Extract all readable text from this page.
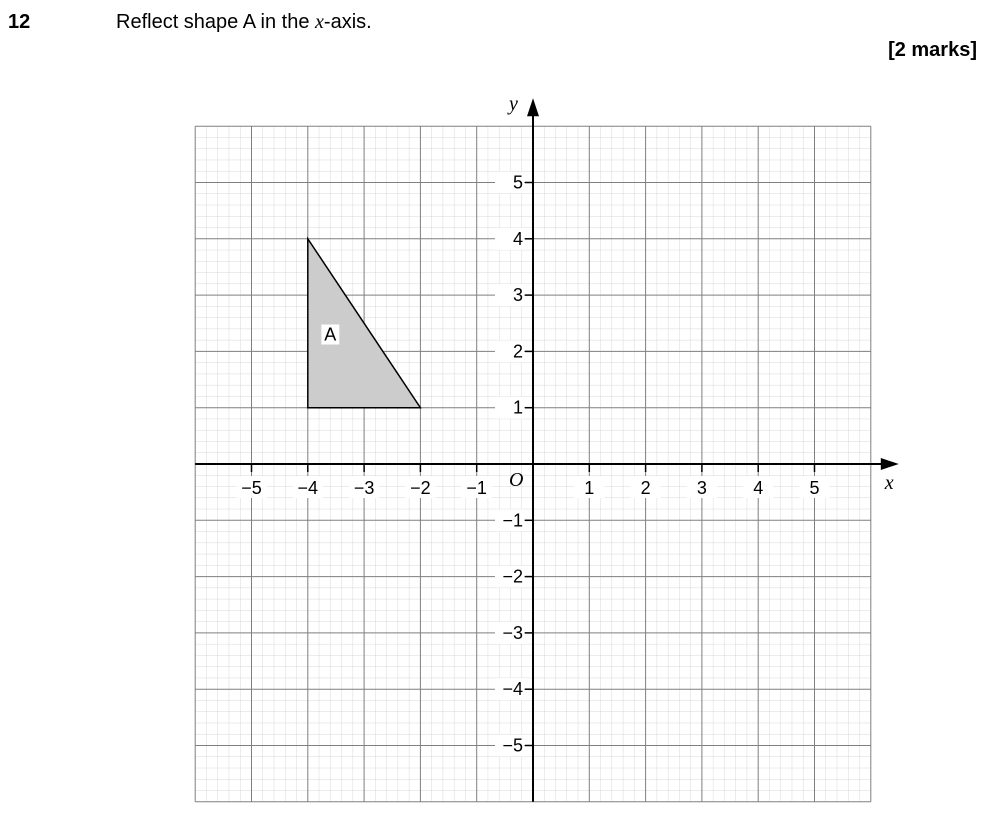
12	Reflect shape A in the x-axis.
[2 marks]
A
−5 −4 −3 −2 −1	1	2	3	4	5
5
4
3
2
1
−1
−2
−3
−4
−5
x
y
O
